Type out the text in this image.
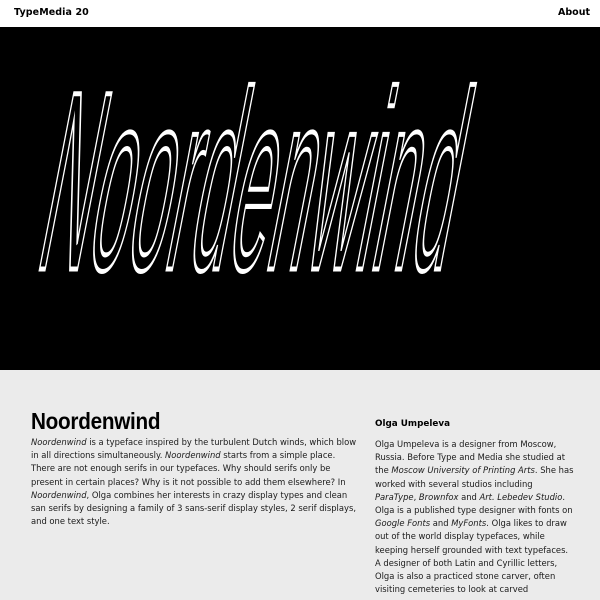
TypeMedia 20	About
Noordenwind
Noordenwind

Noordenwind is a typeface inspired by the turbulent Dutch winds, which blow in all directions simultaneously. Noordenwind starts from a simple place. There are not enough serifs in our typefaces. Why should serifs only be present in certain places? Why is it not possible to add them elsewhere? In Noordenwind, Olga combines her interests in crazy display types and clean san serifs by designing a family of 3 sans-serif display styles, 2 serif displays, and one text style.

Olga Umpeleva

Olga Umpeleva is a designer from Moscow, Russia. Before Type and Media she studied at the Moscow University of Printing Arts. She has worked with several studios including ParaType, Brownfox and Art. Lebedev Studio. Olga is a published type designer with fonts on Google Fonts and MyFonts. Olga likes to draw out of the world display typefaces, while keeping herself grounded with text typefaces. A designer of both Latin and Cyrillic letters, Olga is also a practiced stone carver, often visiting cemeteries to look at carved
